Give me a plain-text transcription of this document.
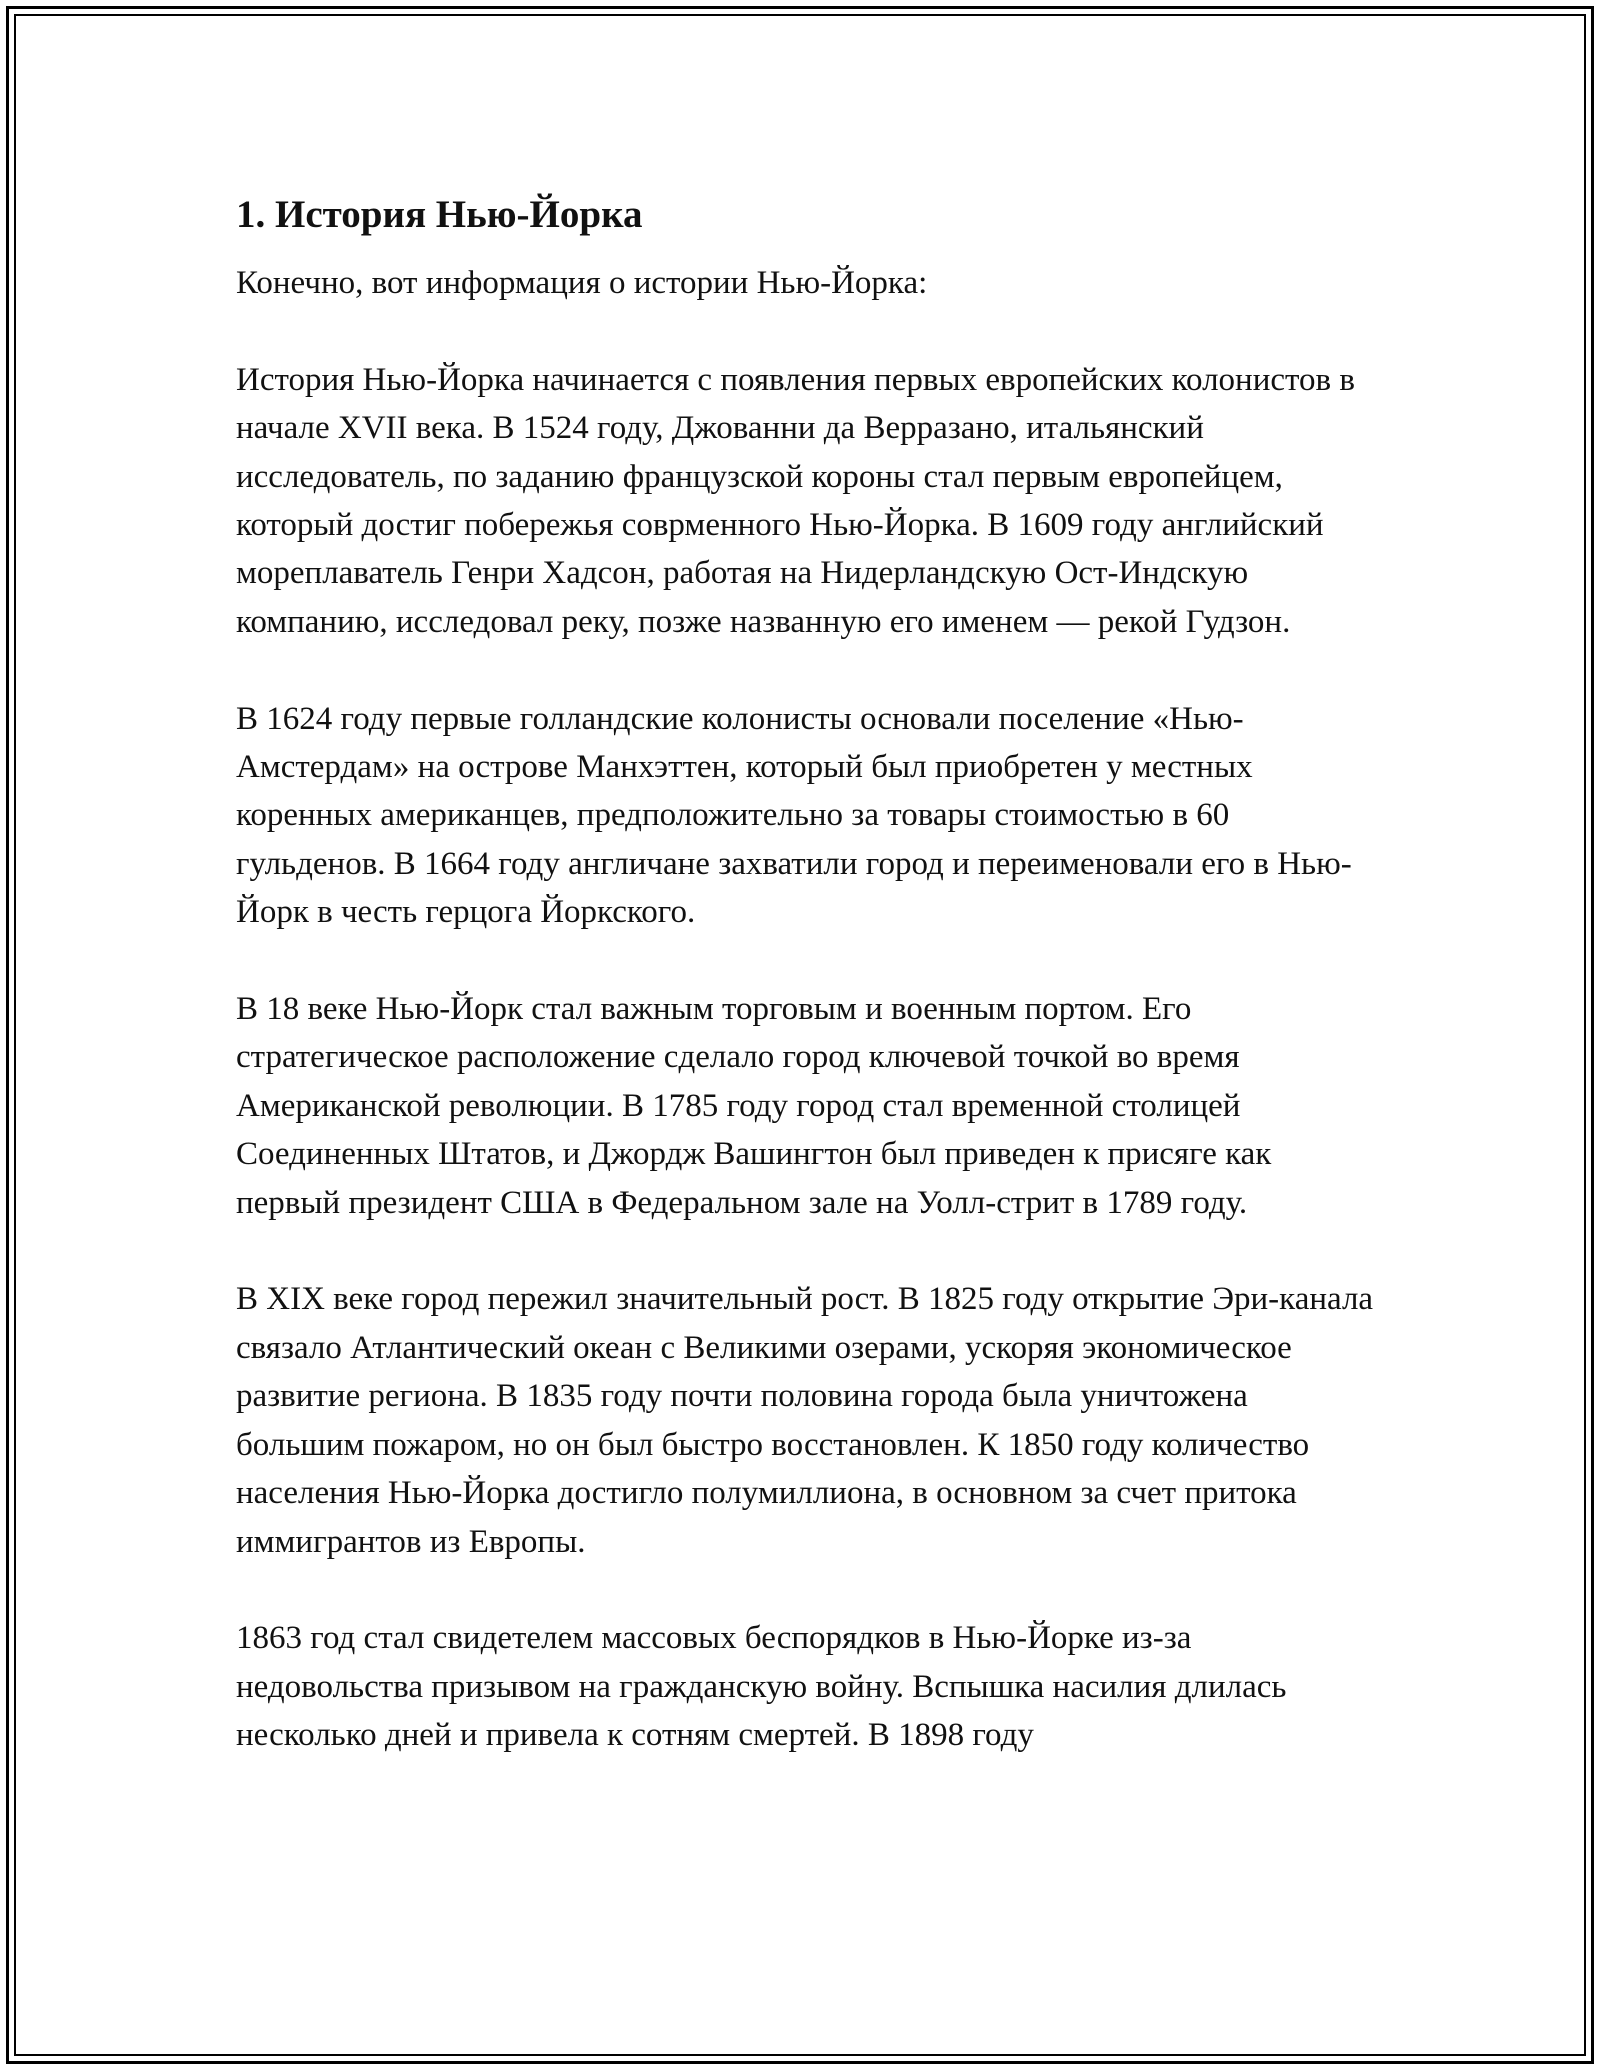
1. История Нью-Йорка

Конечно, вот информация о истории Нью-Йорка:

История Нью-Йорка начинается с появления первых европейских колонистов в начале XVII века. В 1524 году, Джованни да Верразано, итальянский исследователь, по заданию французской короны стал первым европейцем, который достиг побережья соврменного Нью-Йорка. В 1609 году английский мореплаватель Генри Хадсон, работая на Нидерландскую Ост-Индскую компанию, исследовал реку, позже названную его именем — рекой Гудзон.

В 1624 году первые голландские колонисты основали поселение «Нью-Амстердам» на острове Манхэттен, который был приобретен у местных коренных американцев, предположительно за товары стоимостью в 60 гульденов. В 1664 году англичане захватили город и переименовали его в Нью-Йорк в честь герцога Йоркского.

В 18 веке Нью-Йорк стал важным торговым и военным портом. Его стратегическое расположение сделало город ключевой точкой во время Американской революции. В 1785 году город стал временной столицей Соединенных Штатов, и Джордж Вашингтон был приведен к присяге как первый президент США в Федеральном зале на Уолл-стрит в 1789 году.

В XIX веке город пережил значительный рост. В 1825 году открытие Эри-канала связало Атлантический океан с Великими озерами, ускоряя экономическое развитие региона. В 1835 году почти половина города была уничтожена большим пожаром, но он был быстро восстановлен. К 1850 году количество населения Нью-Йорка достигло полумиллиона, в основном за счет притока иммигрантов из Европы.

1863 год стал свидетелем массовых беспорядков в Нью-Йорке из-за недовольства призывом на гражданскую войну. Вспышка насилия длилась несколько дней и привела к сотням смертей. В 1898 году
